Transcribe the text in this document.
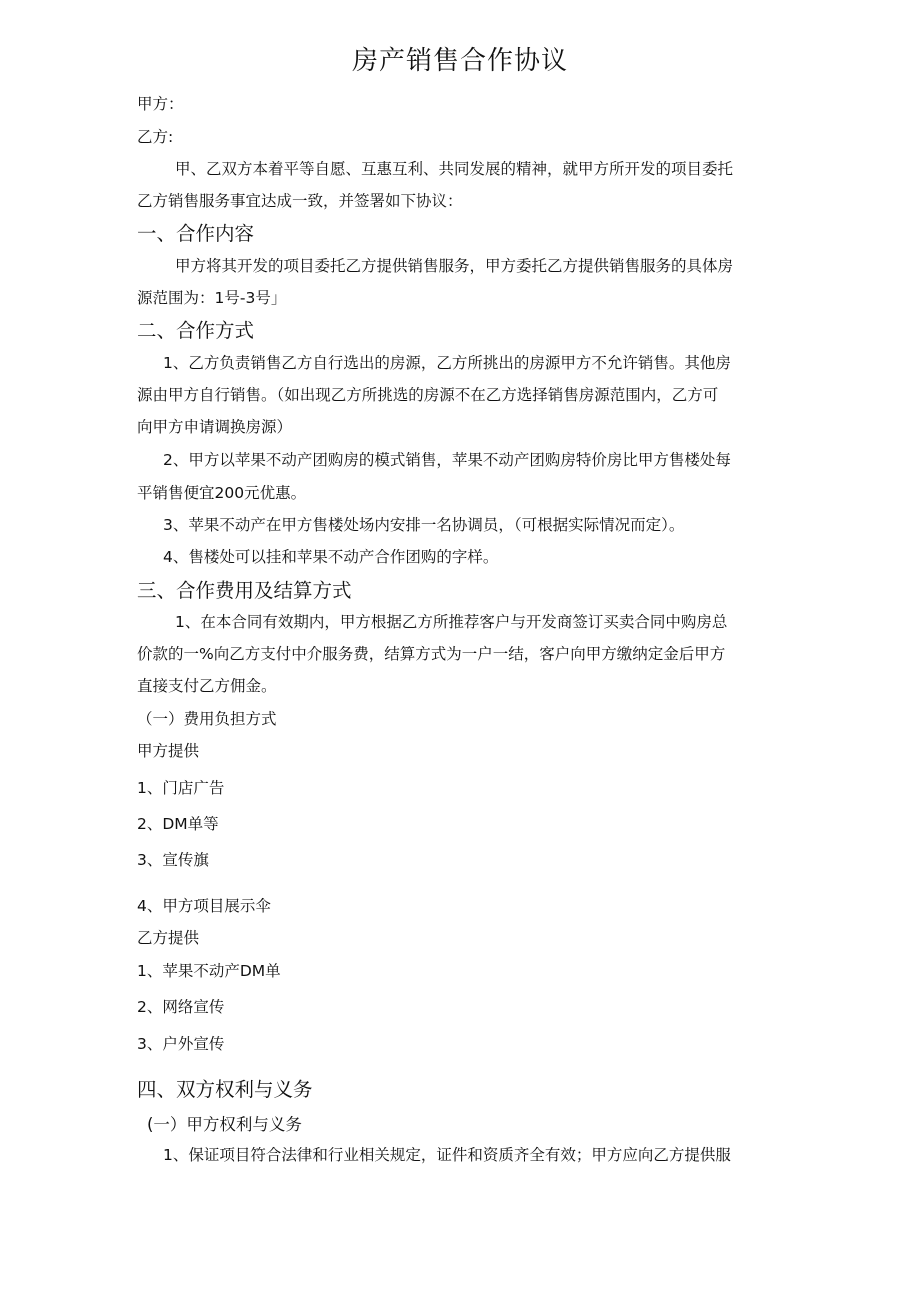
房产销售合作协议
甲方：
乙方:
甲、乙双方本着平等自愿、互惠互利、共同发展的精神，就甲方所开发的项目委托
乙方销售服务事宜达成一致，并签署如下协议：
一、合作内容
甲方将其开发的项目委托乙方提供销售服务，甲方委托乙方提供销售服务的具体房
源范围为：1号-3号」
二、合作方式
1、乙方负责销售乙方自行选出的房源，乙方所挑出的房源甲方不允许销售。其他房
源由甲方自行销售。（如出现乙方所挑选的房源不在乙方选择销售房源范围内，乙方可
向甲方申请调换房源）
2、甲方以苹果不动产团购房的模式销售，苹果不动产团购房特价房比甲方售楼处每
平销售便宜200元优惠。
3、苹果不动产在甲方售楼处场内安排一名协调员，（可根据实际情况而定）。
4、售楼处可以挂和苹果不动产合作团购的字样。
三、合作费用及结算方式
1、在本合同有效期内，甲方根据乙方所推荐客户与开发商签订买卖合同中购房总
价款的一%向乙方支付中介服务费，结算方式为一户一结，客户向甲方缴纳定金后甲方
直接支付乙方佣金。
（一）费用负担方式
甲方提供
1、门店广告
2、DM单等
3、宣传旗
4、甲方项目展示伞
乙方提供
1、苹果不动产DM单
2、网络宣传
3、户外宣传
四、双方权利与义务
(一）甲方权利与义务
1、保证项目符合法律和行业相关规定，证件和资质齐全有效；甲方应向乙方提供服
